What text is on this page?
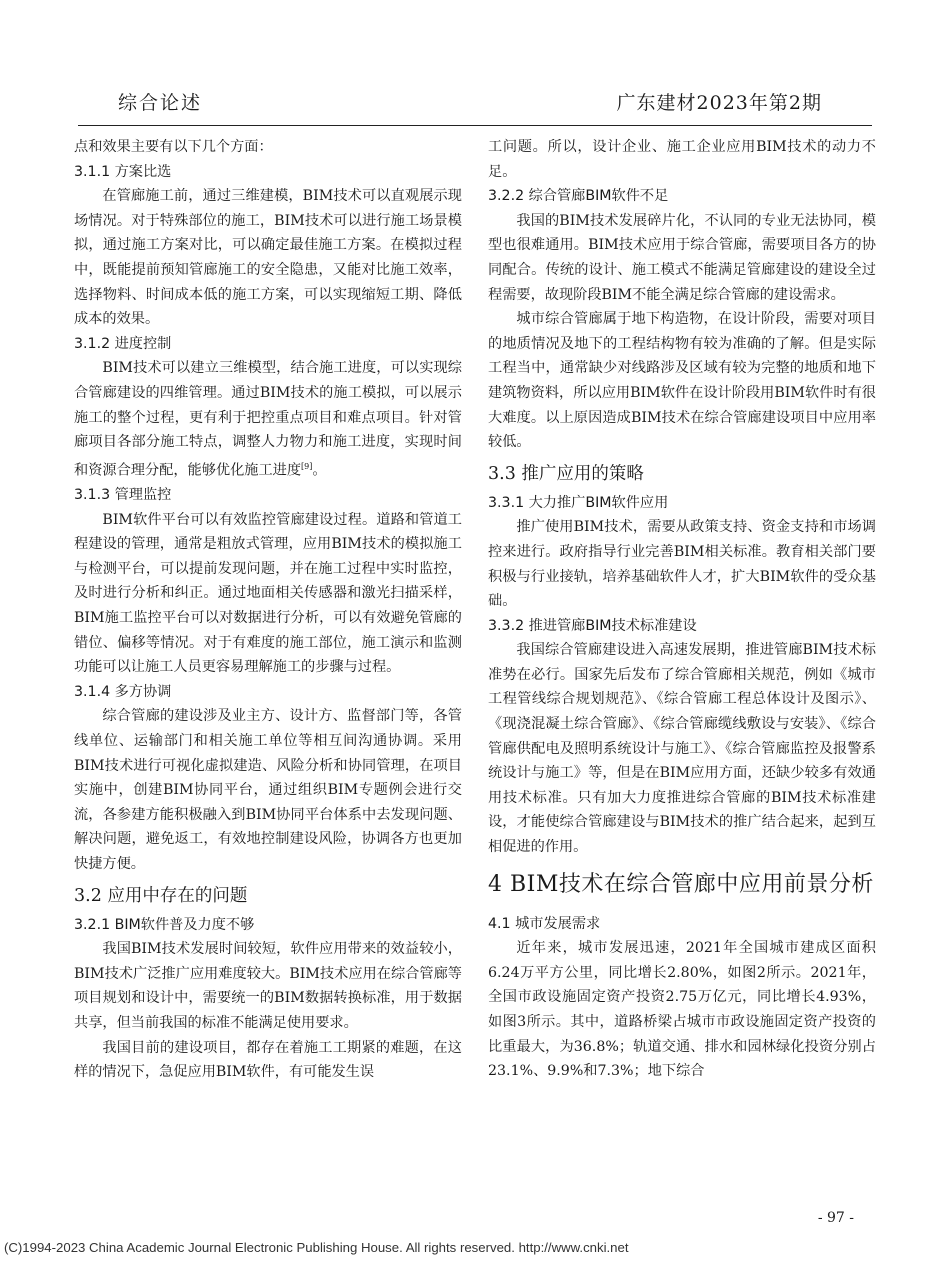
综合论述	广东建材2023年第2期

点和效果主要有以下几个方面：

3.1.1 方案比选

在管廊施工前，通过三维建模，BIM技术可以直观展示现场情况。对于特殊部位的施工，BIM技术可以进行施工场景模拟，通过施工方案对比，可以确定最佳施工方案。在模拟过程中，既能提前预知管廊施工的安全隐患，又能对比施工效率，选择物料、时间成本低的施工方案，可以实现缩短工期、降低成本的效果。

3.1.2 进度控制

BIM技术可以建立三维模型，结合施工进度，可以实现综合管廊建设的四维管理。通过BIM技术的施工模拟，可以展示施工的整个过程，更有利于把控重点项目和难点项目。针对管廊项目各部分施工特点，调整人力物力和施工进度，实现时间和资源合理分配，能够优化施工进度[9]。

3.1.3 管理监控

BIM软件平台可以有效监控管廊建设过程。道路和管道工程建设的管理，通常是粗放式管理，应用BIM技术的模拟施工与检测平台，可以提前发现问题，并在施工过程中实时监控，及时进行分析和纠正。通过地面相关传感器和激光扫描采样，BIM施工监控平台可以对数据进行分析，可以有效避免管廊的错位、偏移等情况。对于有难度的施工部位，施工演示和监测功能可以让施工人员更容易理解施工的步骤与过程。

3.1.4 多方协调

综合管廊的建设涉及业主方、设计方、监督部门等，各管线单位、运输部门和相关施工单位等相互间沟通协调。采用BIM技术进行可视化虚拟建造、风险分析和协同管理，在项目实施中，创建BIM协同平台，通过组织BIM专题例会进行交流，各参建方能积极融入到BIM协同平台体系中去发现问题、解决问题，避免返工，有效地控制建设风险，协调各方也更加快捷方便。

3.2 应用中存在的问题

3.2.1 BIM软件普及力度不够

我国BIM技术发展时间较短，软件应用带来的效益较小，BIM技术广泛推广应用难度较大。BIM技术应用在综合管廊等项目规划和设计中，需要统一的BIM数据转换标准，用于数据共享，但当前我国的标准不能满足使用要求。

我国目前的建设项目，都存在着施工工期紧的难题，在这样的情况下，急促应用BIM软件，有可能发生误

工问题。所以，设计企业、施工企业应用BIM技术的动力不足。

3.2.2 综合管廊BIM软件不足

我国的BIM技术发展碎片化，不认同的专业无法协同，模型也很难通用。BIM技术应用于综合管廊，需要项目各方的协同配合。传统的设计、施工模式不能满足管廊建设的建设全过程需要，故现阶段BIM不能全满足综合管廊的建设需求。

城市综合管廊属于地下构造物，在设计阶段，需要对项目的地质情况及地下的工程结构物有较为准确的了解。但是实际工程当中，通常缺少对线路涉及区域有较为完整的地质和地下建筑物资料，所以应用BIM软件在设计阶段用BIM软件时有很大难度。以上原因造成BIM技术在综合管廊建设项目中应用率较低。

3.3 推广应用的策略

3.3.1 大力推广BIM软件应用

推广使用BIM技术，需要从政策支持、资金支持和市场调控来进行。政府指导行业完善BIM相关标准。教育相关部门要积极与行业接轨，培养基础软件人才，扩大BIM软件的受众基础。

3.3.2 推进管廊BIM技术标准建设

我国综合管廊建设进入高速发展期，推进管廊BIM技术标准势在必行。国家先后发布了综合管廊相关规范，例如《城市工程管线综合规划规范》、《综合管廊工程总体设计及图示》、《现浇混凝土综合管廊》、《综合管廊缆线敷设与安装》、《综合管廊供配电及照明系统设计与施工》、《综合管廊监控及报警系统设计与施工》等，但是在BIM应用方面，还缺少较多有效通用技术标准。只有加大力度推进综合管廊的BIM技术标准建设，才能使综合管廊建设与BIM技术的推广结合起来，起到互相促进的作用。

4 BIM技术在综合管廊中应用前景分析

4.1 城市发展需求

近年来，城市发展迅速，2021年全国城市建成区面积6.24万平方公里，同比增长2.80%，如图2所示。2021年，全国市政设施固定资产投资2.75万亿元，同比增长4.93%，如图3所示。其中，道路桥梁占城市市政设施固定资产投资的比重最大，为36.8%；轨道交通、排水和园林绿化投资分别占23.1%、9.9%和7.3%；地下综合

- 97 -
(C)1994-2023 China Academic Journal Electronic Publishing House. All rights reserved. http://www.cnki.net
